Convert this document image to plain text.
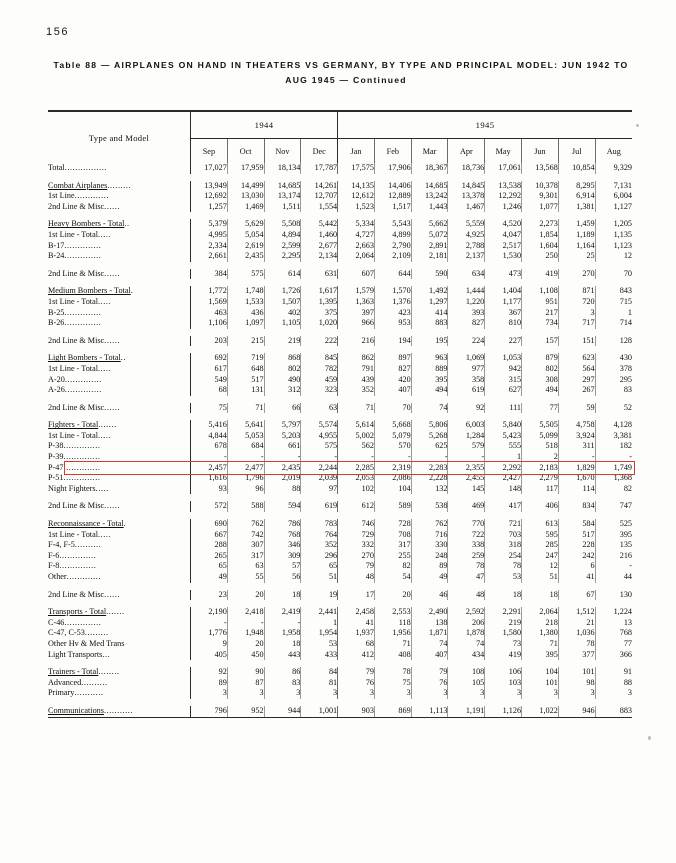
156
Table 88 — AIRPLANES ON HAND IN THEATERS VS GERMANY, BY TYPE AND PRINCIPAL MODEL: JUN 1942 TO
AUG 1945 — Continued
Type and Model	1944				1945							
	Sep	Oct	Nov	Dec	Jan	Feb	Mar	Apr	May	Jun	Jul	Aug
Total................	17,027	17,959	18,134	17,787	17,575	17,906	18,367	18,736	17,061	13,568	10,854	9,329

Combat Airplanes.........	13,949	14,499	14,685	14,261	14,135	14,406	14,685	14,845	13,538	10,378	8,295	7,131
1st Line.............	12,692	13,030	13,174	12,707	12,612	12,889	13,242	13,378	12,292	9,301	6,914	6,004
2nd Line & Misc......	1,257	1,469	1,511	1,554	1,523	1,517	1,443	1,467	1,246	1,077	1,381	1,127

Heavy Bombers - Total..	5,379	5,629	5,508	5,442	5,334	5,543	5,662	5,559	4,520	2,273	1,459	1,205
1st Line - Total.....	4,995	5,054	4,894	1,460	4,727	4,899	5,072	4,925	4,047	1,854	1,189	1,135
B-17..............	2,334	2,619	2,599	2,677	2,663	2,790	2,891	2,788	2,517	1,604	1,164	1,123
B-24..............	2,661	2,435	2,295	2,134	2,064	2,109	2,181	2,137	1,530	250	25	12

2nd Line & Misc......	384	575	614	631	607	644	590	634	473	419	270	70

Medium Bombers - Total.	1,772	1,748	1,726	1,617	1,579	1,570	1,492	1,444	1,404	1,108	871	843
1st Line - Total.....	1,569	1,533	1,507	1,395	1,363	1,376	1,297	1,220	1,177	951	720	715
B-25..............	463	436	402	375	397	423	414	393	367	217	3	1
B-26..............	1,106	1,097	1,105	1,020	966	953	883	827	810	734	717	714

2nd Line & Misc......	203	215	219	222	216	194	195	224	227	157	151	128

Light Bombers - Total..	692	719	868	845	862	897	963	1,069	1,053	879	623	430
1st Line - Total.....	617	648	802	782	791	827	889	977	942	802	564	378
A-20..............	549	517	490	459	439	420	395	358	315	308	297	295
A-26..............	68	131	312	323	352	407	494	619	627	494	267	83

2nd Line & Misc......	75	71	66	63	71	70	74	92	111	77	59	52

Fighters - Total.......	5,416	5,641	5,797	5,574	5,614	5,668	5,806	6,003	5,840	5,505	4,758	4,128
1st Line - Total.....	4,844	5,053	5,203	4,955	5,002	5,079	5,268	1,284	5,423	5,099	3,924	3,381
P-38..............	678	684	661	575	562	570	625	579	555	518	311	182
P-39..............	-	-	-	-	-	-	-	-	1	2	-	-
P-47..............	2,457	2,477	2,435	2,244	2,285	2,319	2,283	2,355	2,292	2,183	1,829	1,749
P-51..............	1,616	1,796	2,019	2,039	2,053	2,086	2,228	2,455	2,427	2,279	1,670	1,368
Night Fighters.....	93	96	88	97	102	104	132	145	148	117	114	82

2nd Line & Misc......	572	588	594	619	612	589	538	469	417	406	834	747

Reconnaissance - Total.	690	762	786	783	746	728	762	770	721	613	584	525
1st Line - Total.....	667	742	768	764	729	708	716	722	703	595	517	395
F-4, F-5..........	288	307	346	352	332	317	330	338	318	285	228	135
F-6..............	265	317	309	296	270	255	248	259	254	247	242	216
F-8..............	65	63	57	65	79	82	89	78	78	12	6	-
Other.............	49	55	56	51	48	54	49	47	53	51	41	44

2nd Line & Misc......	23	20	18	19	17	20	46	48	18	18	67	130

Transports - Total.......	2,190	2,418	2,419	2,441	2,458	2,553	2,490	2,592	2,291	2,064	1,512	1,224
C-46..............	-	-	-	1	41	118	138	206	219	218	21	13
C-47, C-53.........	1,776	1,948	1,958	1,954	1,937	1,956	1,871	1,878	1,580	1,380	1,036	768
Other Hv & Med Trans	9	20	18	53	68	71	74	74	73	71	78	77
Light Transports...	405	450	443	433	412	408	407	434	419	395	377	366

Trainers - Total........	92	90	86	84	79	78	79	108	106	104	101	91
Advanced..........	89	87	83	81	76	75	76	105	103	101	98	88
Primary...........	3	3	3	3	3	3	3	3	3	3	3	3

Communications...........	796	952	944	1,001	903	869	1,113	1,191	1,126	1,022	946	883
